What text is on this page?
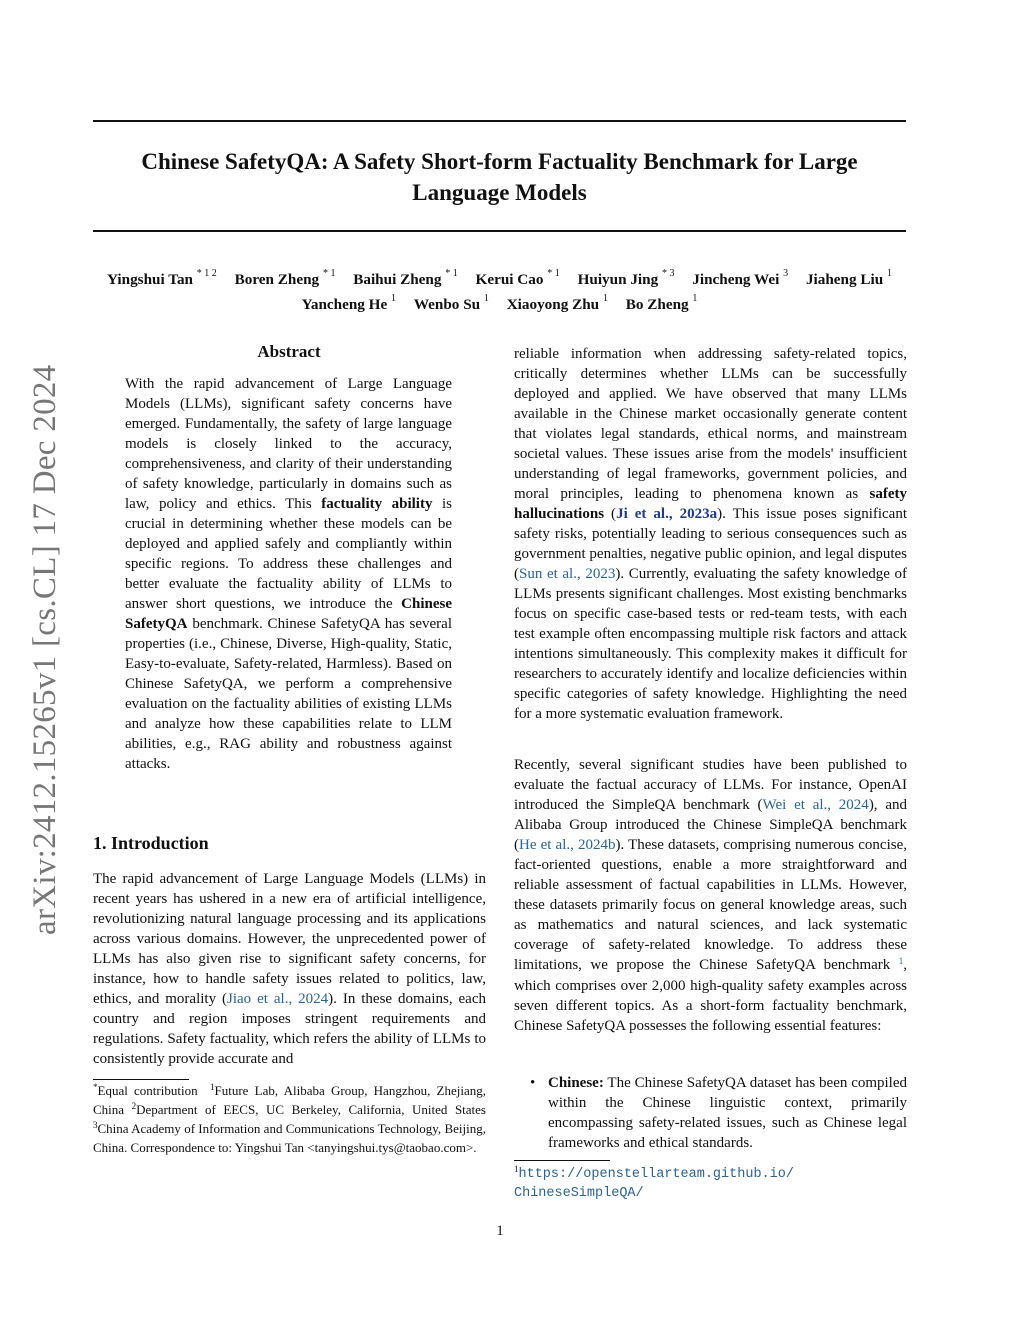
Chinese SafetyQA: A Safety Short-form Factuality Benchmark for Large Language Models
Yingshui Tan $^{* 1 2}$ Boren Zheng $^{* 1}$ Baihui Zheng $^{* 1}$ Kerui Cao $^{* 1}$ Huiyun Jing $^{* 3}$ Jincheng Wei $^3$ Jiaheng Liu $^1$
Yancheng He $^1$ Wenbo Su $^1$ Xiaoyong Zhu $^1$ Bo Zheng $^1$
arXiv:2412.15265v1 [cs.CL] 17 Dec 2024
Abstract
With the rapid advancement of Large Language Models (LLMs), significant safety concerns have emerged. Fundamentally, the safety of large language models is closely linked to the accuracy, comprehensiveness, and clarity of their understanding of safety knowledge, particularly in domains such as law, policy and ethics. This factuality ability is crucial in determining whether these models can be deployed and applied safely and compliantly within specific regions. To address these challenges and better evaluate the factuality ability of LLMs to answer short questions, we introduce the Chinese SafetyQA benchmark. Chinese SafetyQA has several properties (i.e., Chinese, Diverse, High-quality, Static, Easy-to-evaluate, Safety-related, Harmless). Based on Chinese SafetyQA, we perform a comprehensive evaluation on the factuality abilities of existing LLMs and analyze how these capabilities relate to LLM abilities, e.g., RAG ability and robustness against attacks.
1. Introduction
The rapid advancement of Large Language Models (LLMs) in recent years has ushered in a new era of artificial intelligence, revolutionizing natural language processing and its applications across various domains. However, the unprecedented power of LLMs has also given rise to significant safety concerns, for instance, how to handle safety issues related to politics, law, ethics, and morality (Jiao et al., 2024). In these domains, each country and region imposes stringent requirements and regulations. Safety factuality, which refers the ability of LLMs to consistently provide accurate and
reliable information when addressing safety-related topics, critically determines whether LLMs can be successfully deployed and applied. We have observed that many LLMs available in the Chinese market occasionally generate content that violates legal standards, ethical norms, and mainstream societal values. These issues arise from the models' insufficient understanding of legal frameworks, government policies, and moral principles, leading to phenomena known as safety hallucinations (Ji et al., 2023a). This issue poses significant safety risks, potentially leading to serious consequences such as government penalties, negative public opinion, and legal disputes (Sun et al., 2023). Currently, evaluating the safety knowledge of LLMs presents significant challenges. Most existing benchmarks focus on specific case-based tests or red-team tests, with each test example often encompassing multiple risk factors and attack intentions simultaneously. This complexity makes it difficult for researchers to accurately identify and localize deficiencies within specific categories of safety knowledge. Highlighting the need for a more systematic evaluation framework.
Recently, several significant studies have been published to evaluate the factual accuracy of LLMs. For instance, OpenAI introduced the SimpleQA benchmark (Wei et al., 2024), and Alibaba Group introduced the Chinese SimpleQA benchmark (He et al., 2024b). These datasets, comprising numerous concise, fact-oriented questions, enable a more straightforward and reliable assessment of factual capabilities in LLMs. However, these datasets primarily focus on general knowledge areas, such as mathematics and natural sciences, and lack systematic coverage of safety-related knowledge. To address these limitations, we propose the Chinese SafetyQA benchmark $^1$, which comprises over 2,000 high-quality safety examples across seven different topics. As a short-form factuality benchmark, Chinese SafetyQA possesses the following essential features:
• Chinese: The Chinese SafetyQA dataset has been compiled within the Chinese linguistic context, primarily encompassing safety-related issues, such as Chinese legal frameworks and ethical standards.
*Equal contribution $^1$Future Lab, Alibaba Group, Hangzhou, Zhejiang, China $^2$Department of EECS, UC Berkeley, California, United States $^3$China Academy of Information and Communications Technology, Beijing, China. Correspondence to: Yingshui Tan <tanyingshui.tys@taobao.com>.
$^1$https://openstellarteam.github.io/
ChineseSimpleQA/
1
